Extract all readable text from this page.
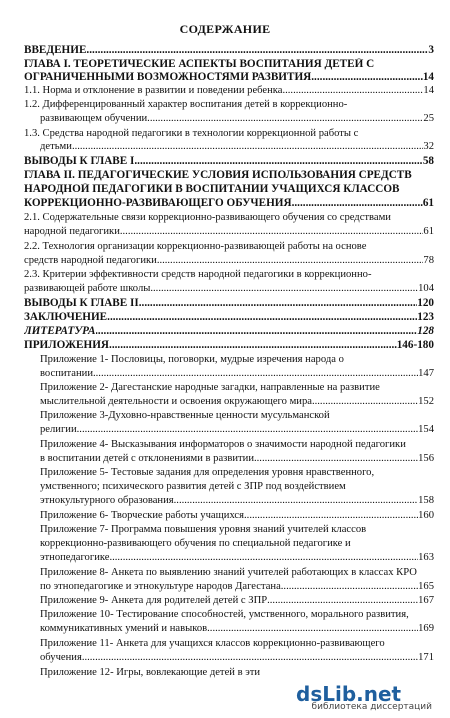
СОДЕРЖАНИЕ
ВВЕДЕНИЕ .....	3
ГЛАВА I. ТЕОРЕТИЧЕСКИЕ АСПЕКТЫ ВОСПИТАНИЯ ДЕТЕЙ С
ОГРАНИЧЕННЫМИ ВОЗМОЖНОСТЯМИ РАЗВИТИЯ .....	14
1.1. Норма и отклонение в развитии и поведении ребенка .....	14
1.2. Дифференцированный характер воспитания детей в коррекционно-
развивающем обучении .....	25
1.3. Средства народной педагогики в технологии коррекционной работы с
детьми .....	32
ВЫВОДЫ К ГЛАВЕ I .....	58
ГЛАВА II. ПЕДАГОГИЧЕСКИЕ УСЛОВИЯ ИСПОЛЬЗОВАНИЯ СРЕДСТВ
НАРОДНОЙ ПЕДАГОГИКИ В ВОСПИТАНИИ УЧАЩИХСЯ КЛАССОВ
КОРРЕКЦИОННО-РАЗВИВАЮЩЕГО ОБУЧЕНИЯ .....	61
2.1. Содержательные связи коррекционно-развивающего обучения со средствами
народной педагогики .....	61
2.2. Технология организации коррекционно-развивающей работы на основе
средств народной педагогики .....	78
2.3. Критерии эффективности средств народной педагогики в коррекционно-
развивающей работе школы .....	104
ВЫВОДЫ К ГЛАВЕ II .....	120
ЗАКЛЮЧЕНИЕ .....	123
ЛИТЕРАТУРА .....	128
ПРИЛОЖЕНИЯ .....	146-180
Приложение 1- Пословицы, поговорки, мудрые изречения народа о
воспитании .....	147
Приложение 2- Дагестанские народные загадки, направленные на развитие
мыслительной деятельности и освоения окружающего мира .....	152
Приложение 3-Духовно-нравственные ценности мусульманской
религии .....	154
Приложение 4- Высказывания информаторов о значимости народной педагогики
в воспитании детей с отклонениями в развитии .....	156
Приложение 5- Тестовые задания для определения уровня нравственного,
умственного; психического развития детей с ЗПР под воздействием
этнокультурного образования .....	158
Приложение 6- Творческие работы учащихся .....	160
Приложение 7- Программа повышения уровня знаний учителей классов
коррекционно-развивающего обучения по специальной педагогике и
этнопедагогике .....	163
Приложение 8- Анкета по выявлению знаний учителей работающих в классах КРО
по этнопедагогике и этнокультуре народов Дагестана .....	165
Приложение 9- Анкета для родителей детей с ЗПР .....	167
Приложение 10- Тестирование способностей, умственного, морального развития,
коммуникативных умений и навыков .....	169
Приложение 11- Анкета для учащихся классов коррекционно-развивающего
обучения .....	171
Приложение 12- Игры, вовлекающие детей в эти
dsLib.net
библиотека диссертаций
